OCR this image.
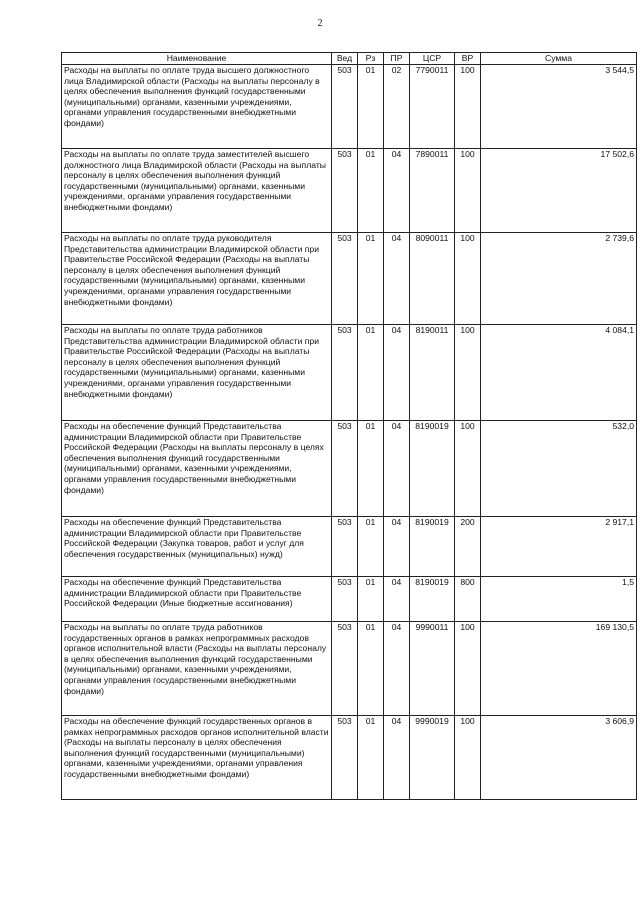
2
Наименование	Вед	Рз	ПР	ЦСР	ВР	Сумма
Расходы на выплаты по оплате труда высшего должностного лица Владимирской области (Расходы на выплаты персоналу в целях обеспечения выполнения функций государственными (муниципальными) органами, казенными учреждениями, органами управления государственными внебюджетными фондами)	503	01	02	7790011	100	3 544,5
Расходы на выплаты по оплате труда заместителей высшего должностного лица Владимирской области (Расходы на выплаты персоналу в целях обеспечения выполнения функций государственными (муниципальными) органами, казенными учреждениями, органами управления государственными внебюджетными фондами)	503	01	04	7890011	100	17 502,6
Расходы на выплаты по оплате труда руководителя Представительства администрации Владимирской области при Правительстве Российской Федерации (Расходы на выплаты персоналу в целях обеспечения выполнения функций государственными (муниципальными) органами, казенными учреждениями, органами управления государственными внебюджетными фондами)	503	01	04	8090011	100	2 739,6
Расходы на выплаты по оплате труда работников Представительства администрации Владимирской области при Правительстве Российской Федерации (Расходы на выплаты персоналу в целях обеспечения выполнения функций государственными (муниципальными) органами, казенными учреждениями, органами управления государственными внебюджетными фондами)	503	01	04	8190011	100	4 084,1
Расходы на обеспечение функций Представительства администрации Владимирской области при Правительстве Российской Федерации (Расходы на выплаты персоналу в целях обеспечения выполнения функций государственными (муниципальными) органами, казенными учреждениями, органами управления государственными внебюджетными фондами)	503	01	04	8190019	100	532,0
Расходы на обеспечение функций Представительства администрации Владимирской области при Правительстве Российской Федерации (Закупка товаров, работ и услуг для обеспечения государственных (муниципальных) нужд)	503	01	04	8190019	200	2 917,1
Расходы на обеспечение функций Представительства администрации Владимирской области при Правительстве Российской Федерации (Иные бюджетные ассигнования)	503	01	04	8190019	800	1,5
Расходы на выплаты по оплате труда работников государственных органов в рамках непрограммных расходов органов исполнительной власти (Расходы на выплаты персоналу в целях обеспечения выполнения функций государственными (муниципальными) органами, казенными учреждениями, органами управления государственными внебюджетными фондами)	503	01	04	9990011	100	169 130,5
Расходы на обеспечение функций государственных органов в рамках непрограммных расходов органов исполнительной власти (Расходы на выплаты персоналу в целях обеспечения выполнения функций государственными (муниципальными) органами, казенными учреждениями, органами управления государственными внебюджетными фондами)	503	01	04	9990019	100	3 606,9
